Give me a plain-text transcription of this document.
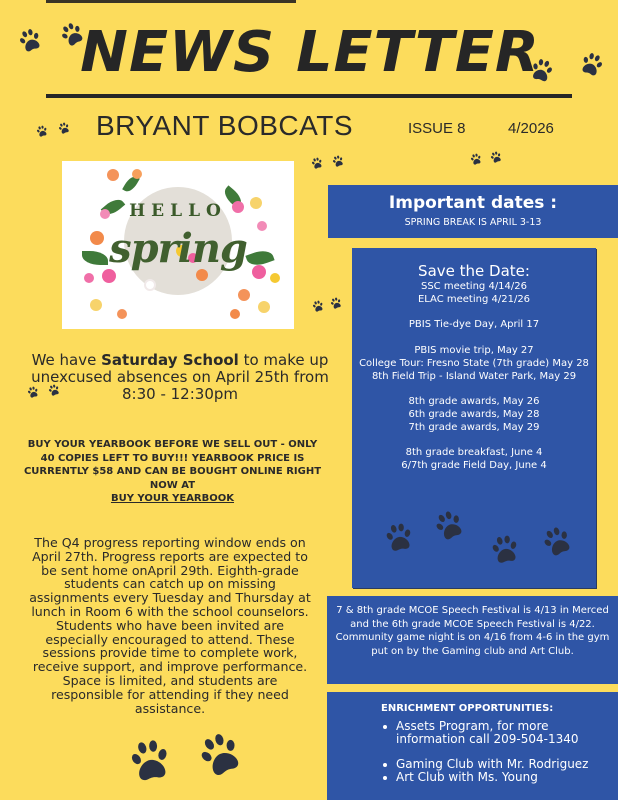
NEWS LETTER
BRYANT BOBCATS	ISSUE 8	4/2026
HELLO
spring
We have Saturday School to make up unexcused absences on April 25th from 8:30 - 12:30pm
BUY YOUR YEARBOOK BEFORE WE SELL OUT - ONLY 40 COPIES LEFT TO BUY!!! YEARBOOK PRICE IS CURRENTLY $58 AND CAN BE BOUGHT ONLINE RIGHT NOW AT
BUY YOUR YEARBOOK
The Q4 progress reporting window ends on April 27th. Progress reports are expected to be sent home onApril 29th. Eighth-grade students can catch up on missing assignments every Tuesday and Thursday at lunch in Room 6 with the school counselors. Students who have been invited are especially encouraged to attend. These sessions provide time to complete work, receive support, and improve performance. Space is limited, and students are responsible for attending if they need assistance.
Important dates :
SPRING BREAK IS APRIL 3-13
Save the Date:
SSC meeting 4/14/26
ELAC meeting 4/21/26
PBIS Tie-dye Day, April 17
PBIS movie trip, May 27
College Tour: Fresno State (7th grade) May 28
8th Field Trip - Island Water Park, May 29
8th grade awards, May 26
6th grade awards, May 28
7th grade awards, May 29
8th grade breakfast, June 4
6/7th grade Field Day, June 4
7 & 8th grade MCOE Speech Festival is 4/13 in Merced and the 6th grade MCOE Speech Festival is 4/22. Community game night is on 4/16 from 4-6 in the gym put on by the Gaming club and Art Club.
ENRICHMENT OPPORTUNITIES:
Assets Program, for more information call 209-504-1340
Gaming Club with Mr. Rodriguez
Art Club with Ms. Young
